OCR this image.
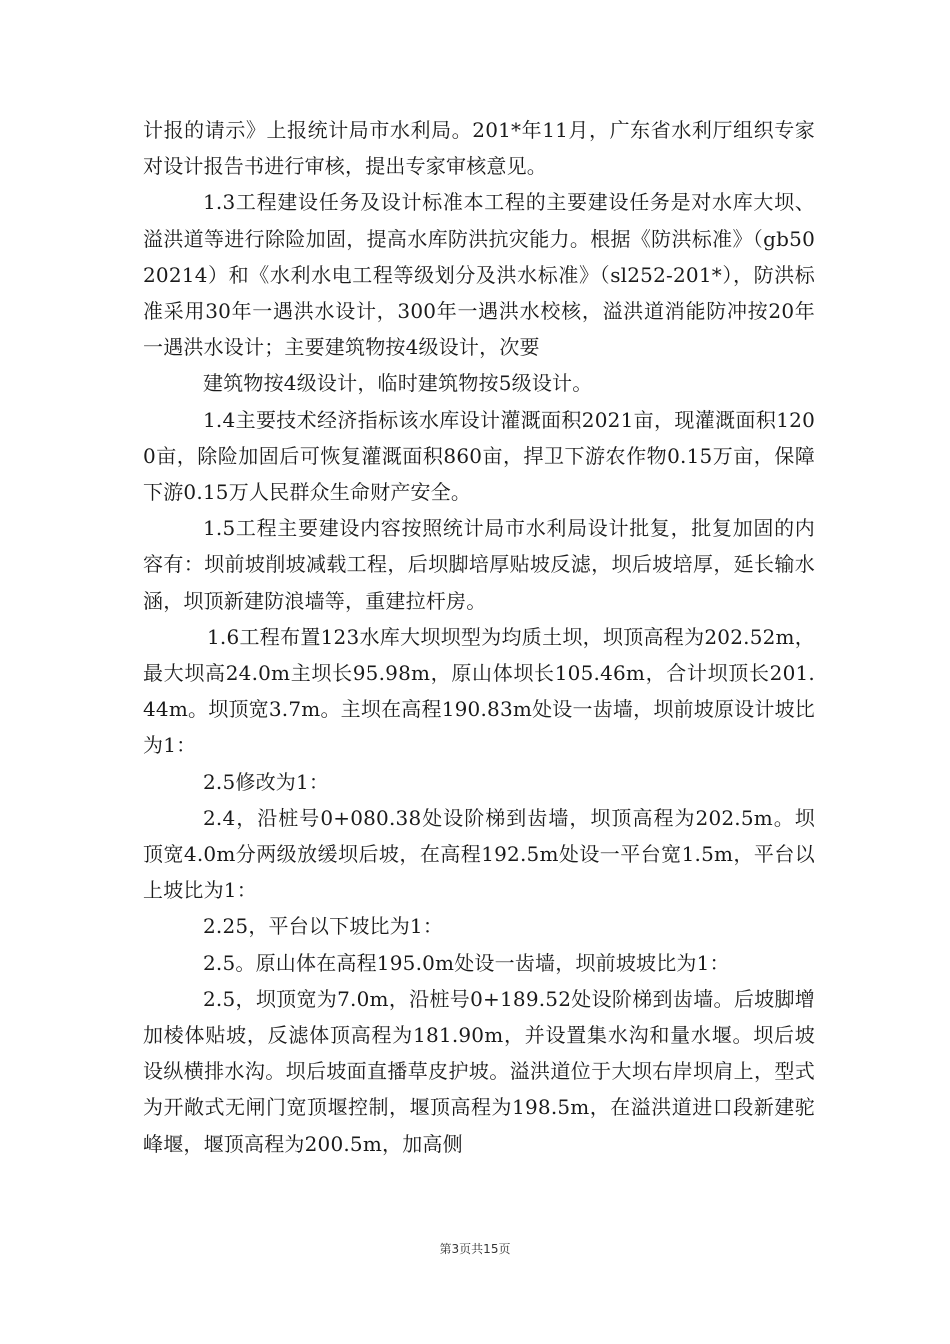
计报的请示》上报统计局市水利局。201*年11月，广东省水利厅组织专家对设计报告书进行审核，提出专家审核意见。

1.3工程建设任务及设计标准本工程的主要建设任务是对水库大坝、溢洪道等进行除险加固，提高水库防洪抗灾能力。根据《防洪标准》（gb5020214）和《水利水电工程等级划分及洪水标准》（sl252-201*），防洪标准采用30年一遇洪水设计，300年一遇洪水校核，溢洪道消能防冲按20年一遇洪水设计；主要建筑物按4级设计，次要

建筑物按4级设计，临时建筑物按5级设计。

1.4主要技术经济指标该水库设计灌溉面积2021亩，现灌溉面积1200亩，除险加固后可恢复灌溉面积860亩，捍卫下游农作物0.15万亩，保障下游0.15万人民群众生命财产安全。

1.5工程主要建设内容按照统计局市水利局设计批复，批复加固的内容有：坝前坡削坡减载工程，后坝脚培厚贴坡反滤，坝后坡培厚，延长输水涵，坝顶新建防浪墙等，重建拉杆房。

1.6工程布置123水库大坝坝型为均质土坝，坝顶高程为202.52m，最大坝高24.0m主坝长95.98m，原山体坝长105.46m，合计坝顶长201.44m。坝顶宽3.7m。主坝在高程190.83m处设一齿墙，坝前坡原设计坡比为1：

2.5修改为1：

2.4，沿桩号0+080.38处设阶梯到齿墙，坝顶高程为202.5m。坝顶宽4.0m分两级放缓坝后坡，在高程192.5m处设一平台宽1.5m，平台以上坡比为1：

2.25，平台以下坡比为1：

2.5。原山体在高程195.0m处设一齿墙，坝前坡坡比为1：

2.5，坝顶宽为7.0m，沿桩号0+189.52处设阶梯到齿墙。后坡脚增加棱体贴坡，反滤体顶高程为181.90m，并设置集水沟和量水堰。坝后坡设纵横排水沟。坝后坡面直播草皮护坡。溢洪道位于大坝右岸坝肩上，型式为开敞式无闸门宽顶堰控制，堰顶高程为198.5m，在溢洪道进口段新建驼峰堰，堰顶高程为200.5m，加高侧

第3页共15页
